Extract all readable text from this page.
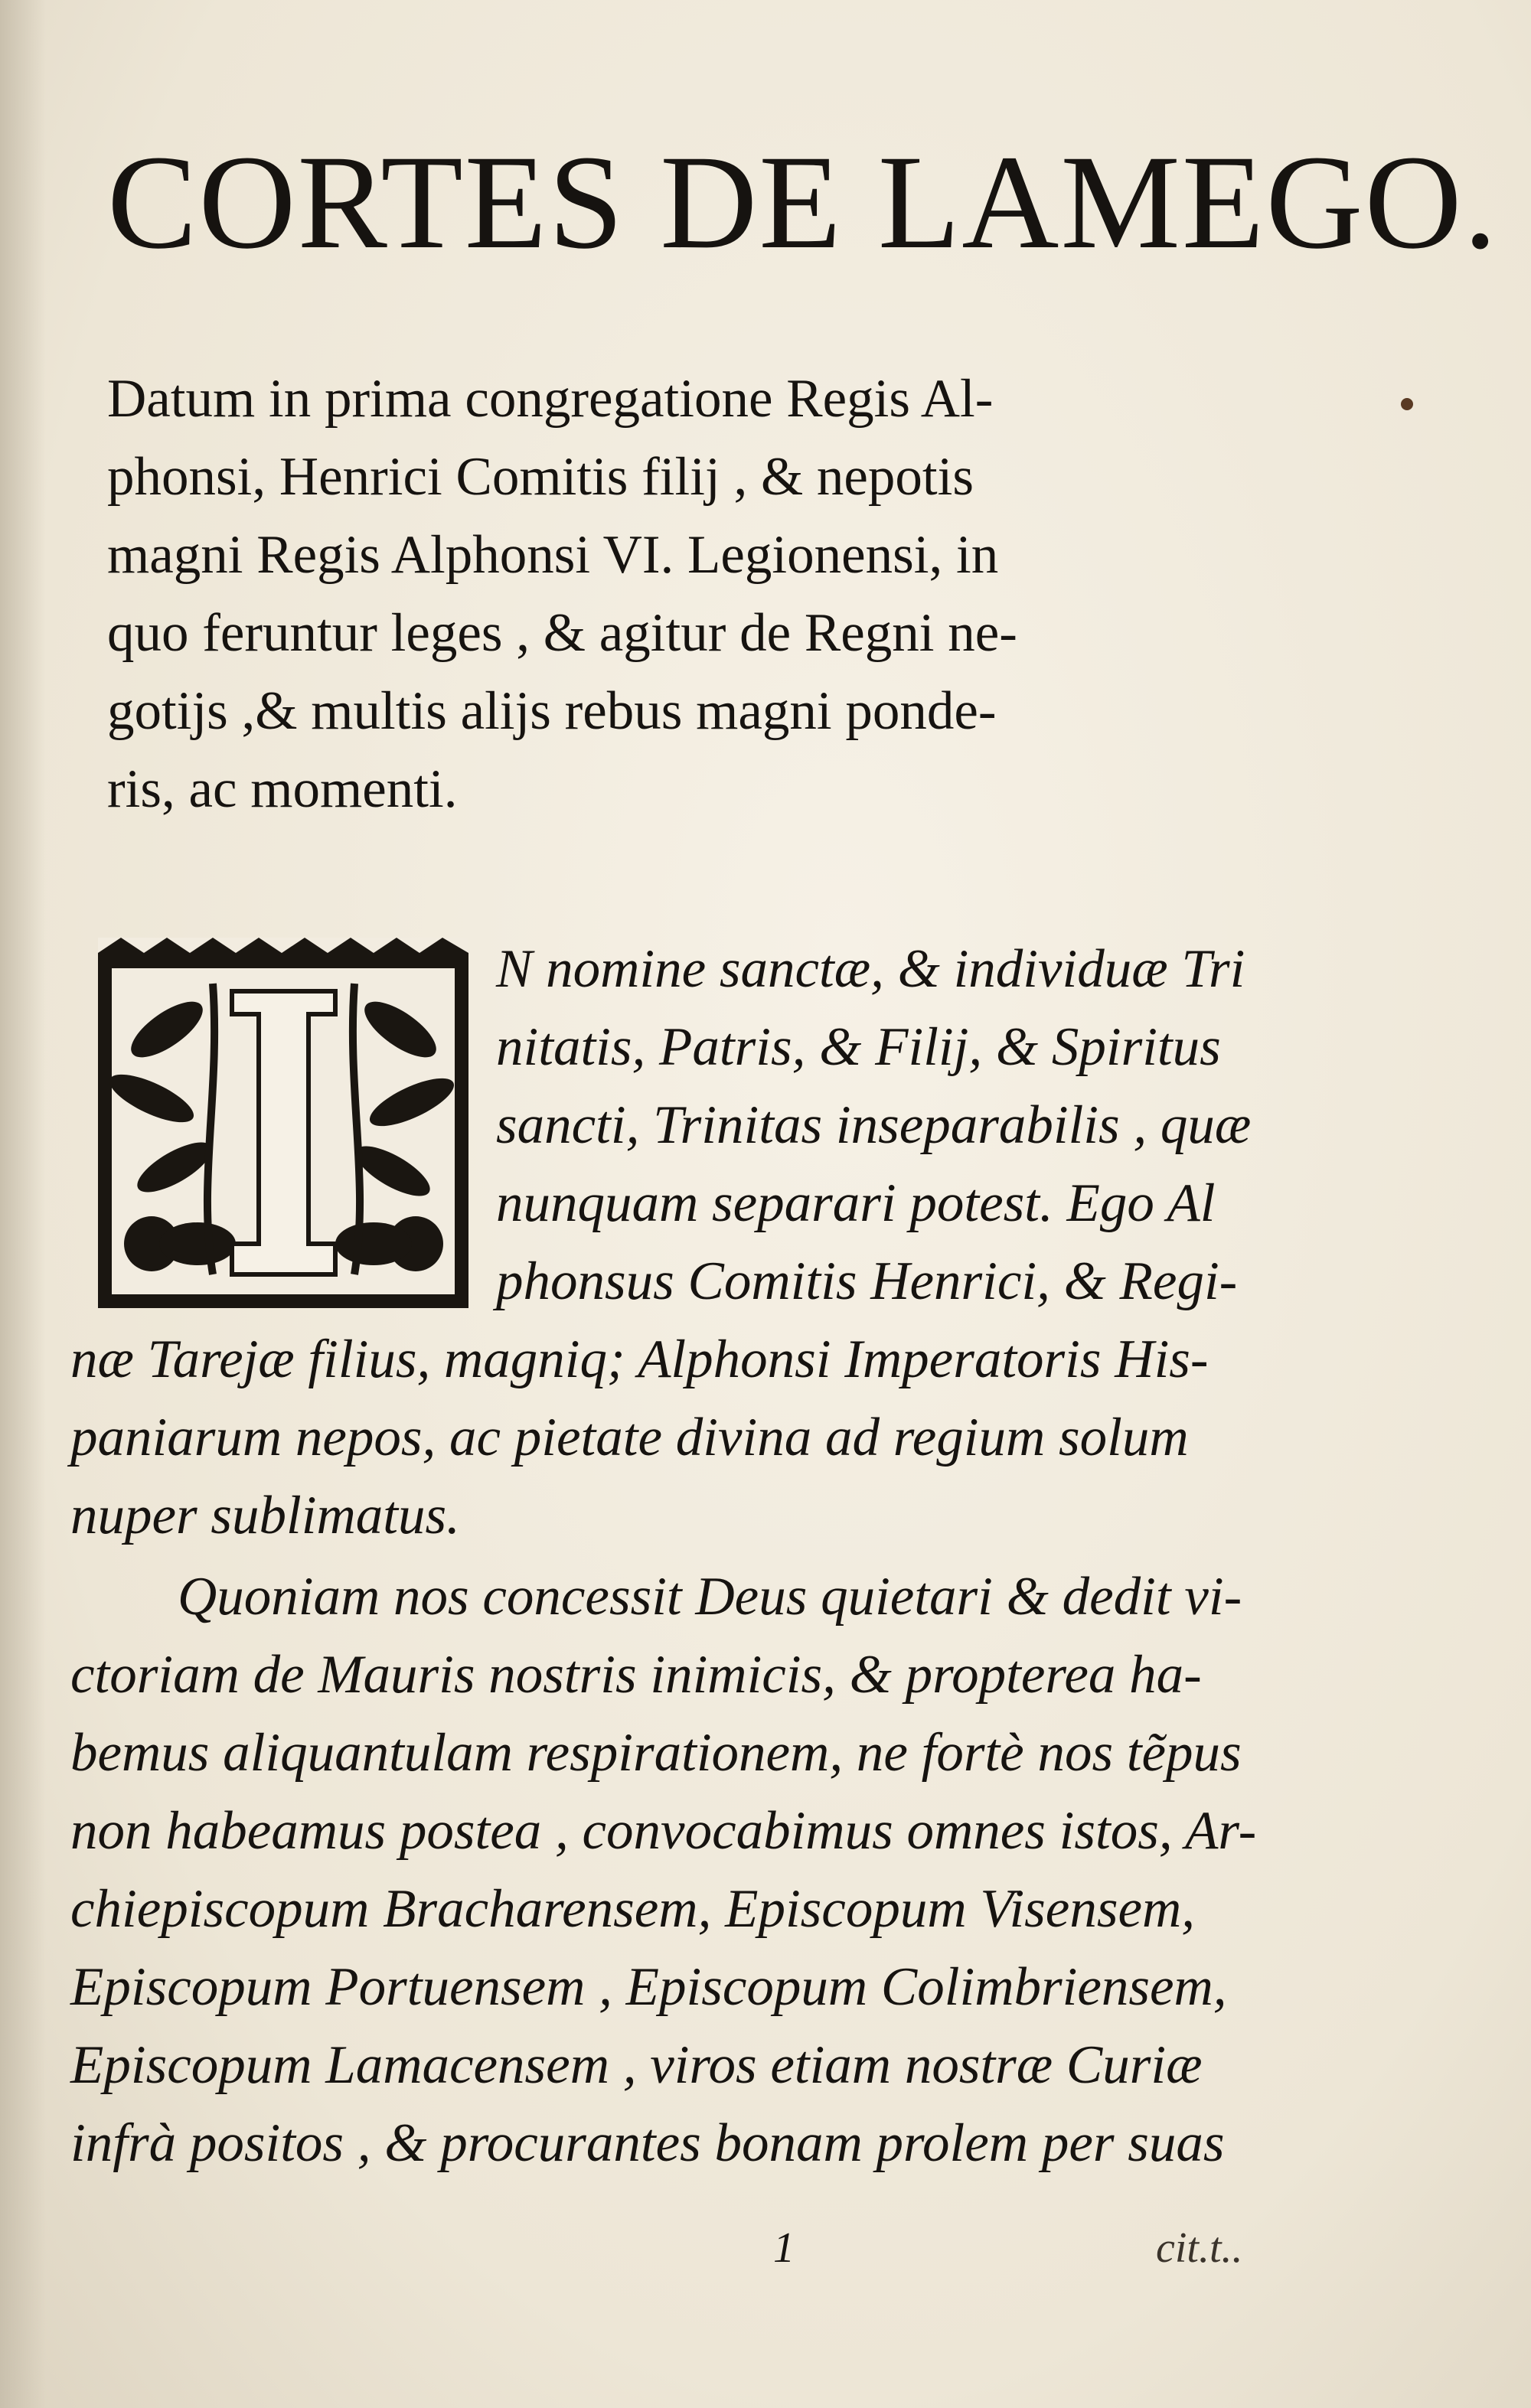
CORTES DE LAMEGO.
Datum in prima congregatione Regis Al-
phonsi, Henrici Comitis filij , & nepotis
magni Regis Alphonsi VI. Legionensi, in
quo feruntur leges , & agitur de Regni ne-
gotijs ,& multis alijs rebus magni ponde-
ris, ac momenti.
N nomine sanctæ, & individuæ Tri
nitatis, Patris, & Filij, & Spiritus
sancti, Trinitas inseparabilis , quæ
nunquam separari potest. Ego Al
phonsus Comitis Henrici, & Regi-
næ Tarejæ filius, magniq; Alphonsi Imperatoris His-
paniarum nepos, ac pietate divina ad regium solum
nuper sublimatus.
Quoniam nos concessit Deus quietari & dedit vi-
ctoriam de Mauris nostris inimicis, & propterea ha-
bemus aliquantulam respirationem, ne fortè nos tẽpus
non habeamus postea , convocabimus omnes istos, Ar-
chiepiscopum Bracharensem, Episcopum Visensem,
Episcopum Portuensem , Episcopum Colimbriensem,
Episcopum Lamacensem , viros etiam nostræ Curiæ
infrà positos , & procurantes bonam prolem per suas
1	cit.t..
